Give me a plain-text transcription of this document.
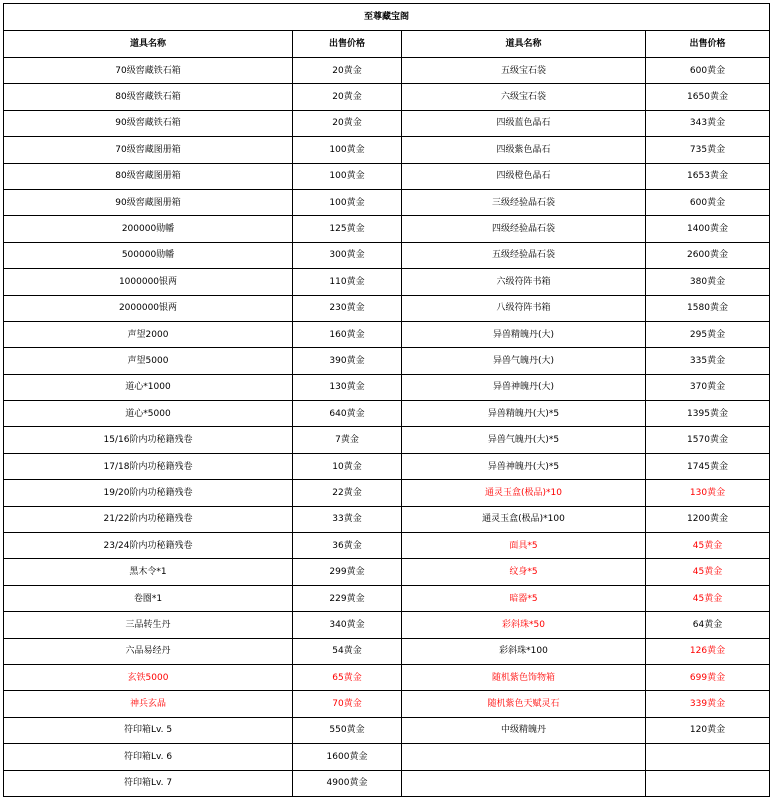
至尊藏宝阁			
道具名称	出售价格	道具名称	出售价格
70级窖藏铁石箱	20黄金	五级宝石袋	600黄金
80级窖藏铁石箱	20黄金	六级宝石袋	1650黄金
90级窖藏铁石箱	20黄金	四级蓝色晶石	343黄金
70级窖藏图册箱	100黄金	四级紫色晶石	735黄金
80级窖藏图册箱	100黄金	四级橙色晶石	1653黄金
90级窖藏图册箱	100黄金	三级经验晶石袋	600黄金
200000勋幡	125黄金	四级经验晶石袋	1400黄金
500000勋幡	300黄金	五级经验晶石袋	2600黄金
1000000银两	110黄金	六级符阵书箱	380黄金
2000000银两	230黄金	八级符阵书箱	1580黄金
声望2000	160黄金	异兽精魄丹(大)	295黄金
声望5000	390黄金	异兽气魄丹(大)	335黄金
道心*1000	130黄金	异兽神魄丹(大)	370黄金
道心*5000	640黄金	异兽精魄丹(大)*5	1395黄金
15/16阶内功秘籍残卷	7黄金	异兽气魄丹(大)*5	1570黄金
17/18阶内功秘籍残卷	10黄金	异兽神魄丹(大)*5	1745黄金
19/20阶内功秘籍残卷	22黄金	通灵玉盒(极品)*10	130黄金
21/22阶内功秘籍残卷	33黄金	通灵玉盒(极品)*100	1200黄金
23/24阶内功秘籍残卷	36黄金	面具*5	45黄金
黑木令*1	299黄金	纹身*5	45黄金
卷圈*1	229黄金	暗器*5	45黄金
三品转生丹	340黄金	彩斜珠*50	64黄金
六品易经丹	54黄金	彩斜珠*100	126黄金
玄铁5000	65黄金	随机紫色饰物箱	699黄金
神兵玄晶	70黄金	随机紫色天赋灵石	339黄金
符印箱Lv. 5	550黄金	中级精魄丹	120黄金
符印箱Lv. 6	1600黄金		
符印箱Lv. 7	4900黄金		
